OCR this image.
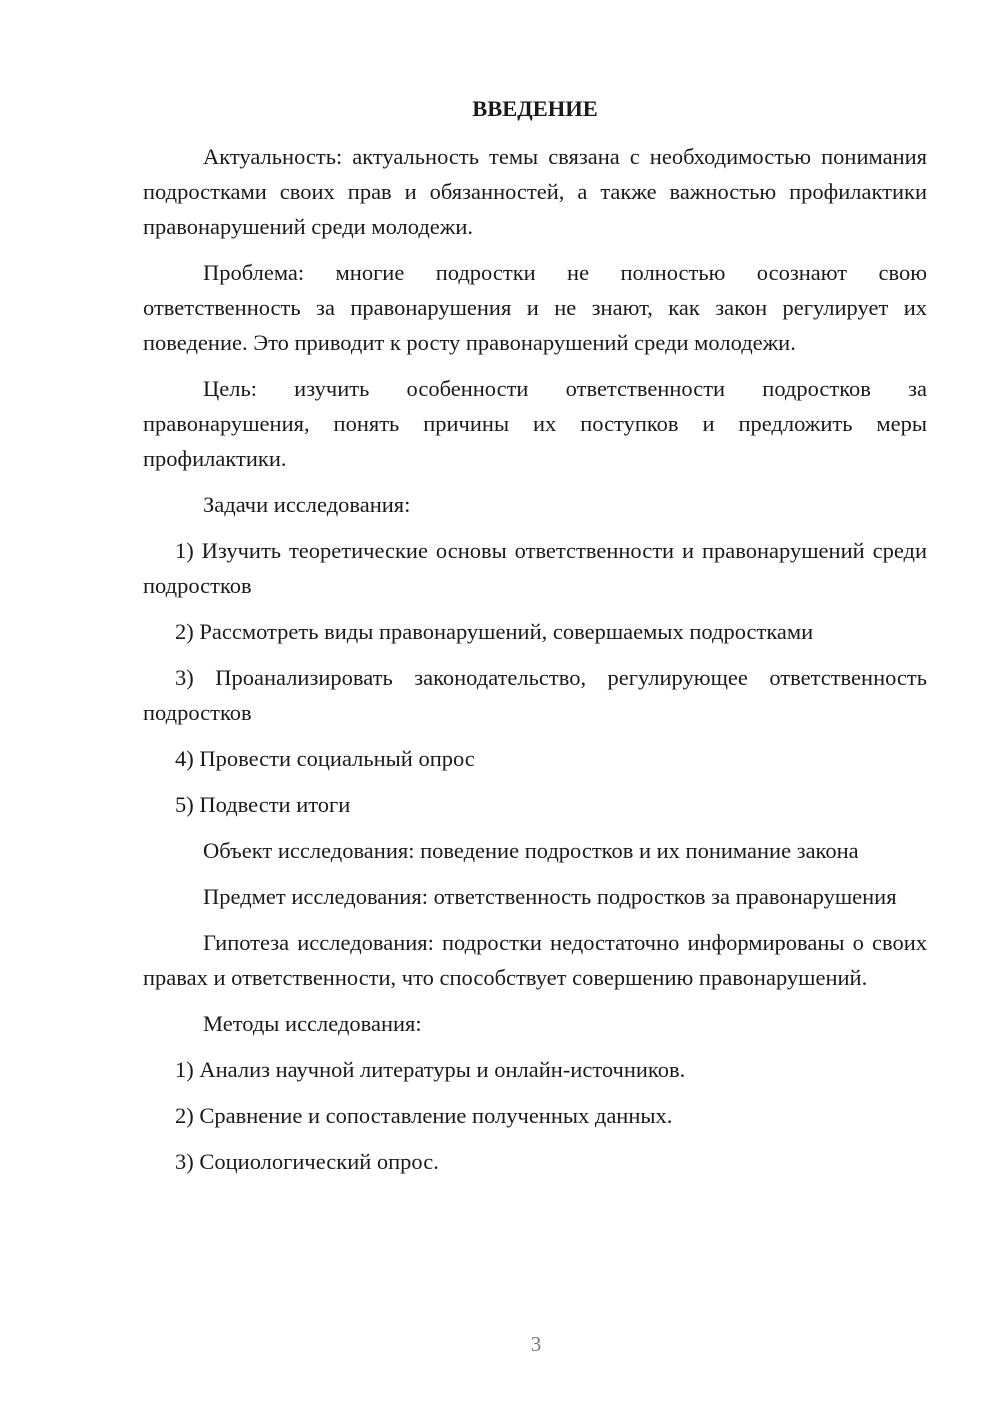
ВВЕДЕНИЕ

Актуальность: актуальность темы связана с необходимостью понимания подростками своих прав и обязанностей, а также важностью профилактики правонарушений среди молодежи.

Проблема: многие подростки не полностью осознают свою ответственность за правонарушения и не знают, как закон регулирует их поведение. Это приводит к росту правонарушений среди молодежи.

Цель: изучить особенности ответственности подростков за правонарушения, понять причины их поступков и предложить меры профилактики.

Задачи исследования:

1) Изучить теоретические основы ответственности и правонарушений среди подростков

2) Рассмотреть виды правонарушений, совершаемых подростками

3) Проанализировать законодательство, регулирующее ответственность подростков

4) Провести социальный опрос

5) Подвести итоги

Объект исследования: поведение подростков и их понимание закона

Предмет исследования: ответственность подростков за правонарушения

Гипотеза исследования: подростки недостаточно информированы о своих правах и ответственности, что способствует совершению правонарушений.

Методы исследования:

1) Анализ научной литературы и онлайн-источников.

2) Сравнение и сопоставление полученных данных.

3) Социологический опрос.

3
